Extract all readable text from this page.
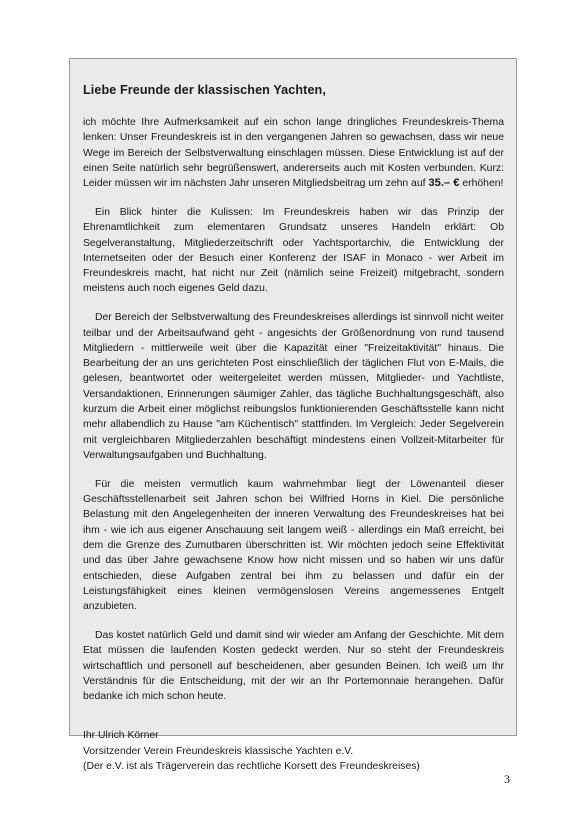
Liebe Freunde der klassischen Yachten,

ich möchte Ihre Aufmerksamkeit auf ein schon lange dringliches Freundeskreis-Thema lenken: Unser Freundeskreis ist in den vergangenen Jahren so gewachsen, dass wir neue Wege im Bereich der Selbstverwaltung einschlagen müssen. Diese Entwicklung ist auf der einen Seite natürlich sehr begrüßenswert, andererseits auch mit Kosten verbunden. Kurz: Leider müssen wir im nächsten Jahr unseren Mitgliedsbeitrag um zehn auf 35.– € erhöhen!

Ein Blick hinter die Kulissen: Im Freundeskreis haben wir das Prinzip der Ehrenamtlichkeit zum elementaren Grundsatz unseres Handeln erklärt: Ob Segelveranstaltung, Mitgliederzeitschrift oder Yachtsportarchiv, die Entwicklung der Internetseiten oder der Besuch einer Konferenz der ISAF in Monaco - wer Arbeit im Freundeskreis macht, hat nicht nur Zeit (nämlich seine Freizeit) mitgebracht, sondern meistens auch noch eigenes Geld dazu.

Der Bereich der Selbstverwaltung des Freundeskreises allerdings ist sinnvoll nicht weiter teilbar und der Arbeitsaufwand geht - angesichts der Größenordnung von rund tausend Mitgliedern - mittlerweile weit über die Kapazität einer "Freizeitaktivität" hinaus. Die Bearbeitung der an uns gerichteten Post einschließlich der täglichen Flut von E-Mails, die gelesen, beantwortet oder weitergeleitet werden müssen, Mitglieder- und Yachtliste, Versandaktionen, Erinnerungen säumiger Zahler, das tägliche Buchhaltungsgeschäft, also kurzum die Arbeit einer möglichst reibungslos funktionierenden Geschäftsstelle kann nicht mehr allabendlich zu Hause "am Küchentisch" stattfinden. Im Vergleich: Jeder Segelverein mit vergleichbaren Mitgliederzahlen beschäftigt mindestens einen Vollzeit-Mitarbeiter für Verwaltungsaufgaben und Buchhaltung.

Für die meisten vermutlich kaum wahrnehmbar liegt der Löwenanteil dieser Geschäftsstellenarbeit seit Jahren schon bei Wilfried Horns in Kiel. Die persönliche Belastung mit den Angelegenheiten der inneren Verwaltung des Freundeskreises hat bei ihm - wie ich aus eigener Anschauung seit langem weiß - allerdings ein Maß erreicht, bei dem die Grenze des Zumutbaren überschritten ist. Wir möchten jedoch seine Effektivität und das über Jahre gewachsene Know how nicht missen und so haben wir uns dafür entschieden, diese Aufgaben zentral bei ihm zu belassen und dafür ein der Leistungsfähigkeit eines kleinen vermögenslosen Vereins angemessenes Entgelt anzubieten.

Das kostet natürlich Geld und damit sind wir wieder am Anfang der Geschichte. Mit dem Etat müssen die laufenden Kosten gedeckt werden. Nur so steht der Freundeskreis wirtschaftlich und personell auf bescheidenen, aber gesunden Beinen. Ich weiß um Ihr Verständnis für die Entscheidung, mit der wir an Ihr Portemonnaie herangehen. Dafür bedanke ich mich schon heute.

Ihr Ulrich Körner
Vorsitzender Verein Freundeskreis klassische Yachten e.V.
(Der e.V. ist als Trägerverein das rechtliche Korsett des Freundeskreises)
3
